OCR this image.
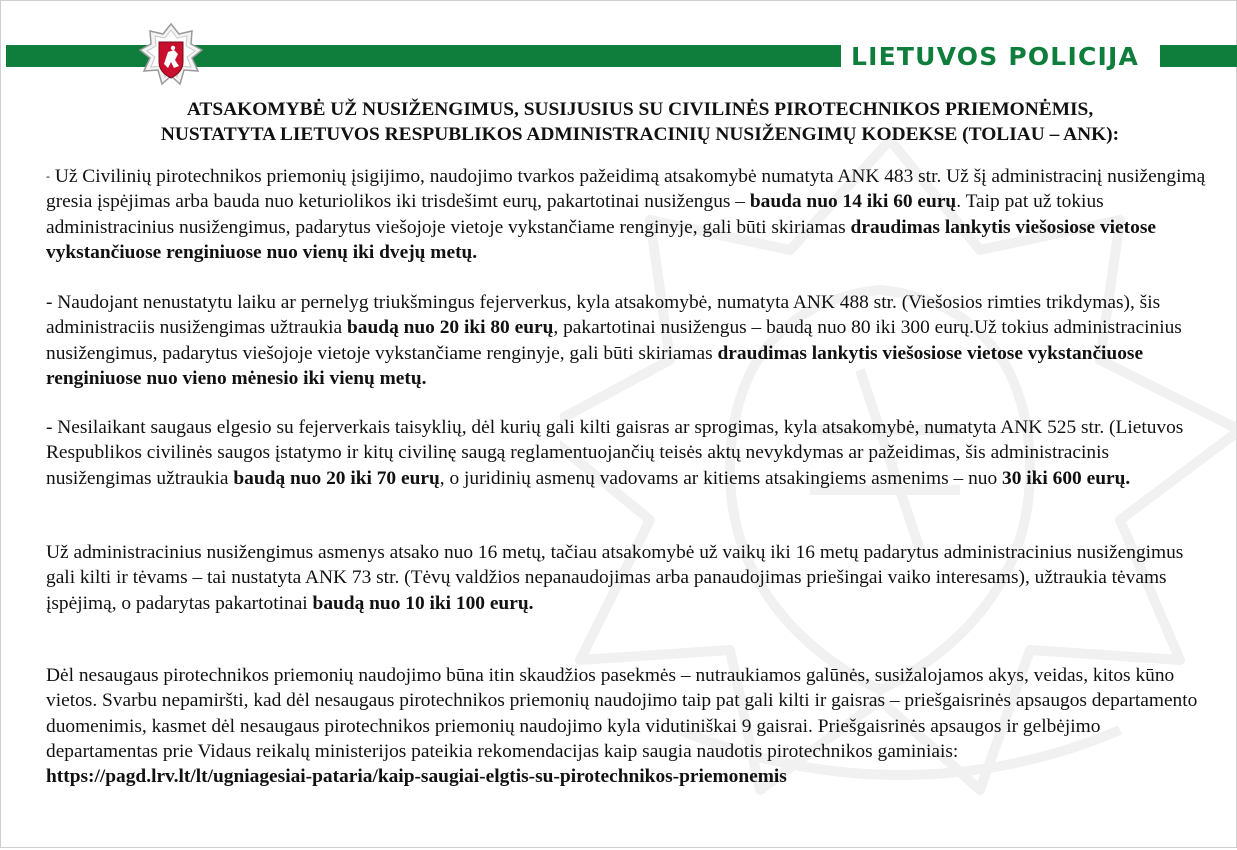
LIETUVOS POLICIJA
ATSAKOMYBĖ UŽ NUSIŽENGIMUS, SUSIJUSIUS SU CIVILINĖS PIROTECHNIKOS PRIEMONĖMIS,
NUSTATYTA LIETUVOS RESPUBLIKOS ADMINISTRACINIŲ NUSIŽENGIMŲ KODEKSE (TOLIAU – ANK):

- Už Civilinių pirotechnikos priemonių įsigijimo, naudojimo tvarkos pažeidimą atsakomybė numatyta ANK 483 str. Už šį administracinį nusižengimą gresia įspėjimas arba bauda nuo keturiolikos iki trisdešimt eurų, pakartotinai nusižengus – bauda nuo 14 iki 60 eurų. Taip pat už tokius administracinius nusižengimus, padarytus viešojoje vietoje vykstančiame renginyje, gali būti skiriamas draudimas lankytis viešosiose vietose vykstančiuose renginiuose nuo vienų iki dvejų metų.

- Naudojant nenustatytu laiku ar pernelyg triukšmingus fejerverkus, kyla atsakomybė, numatyta ANK 488 str. (Viešosios rimties trikdymas), šis administraciis nusižengimas užtraukia baudą nuo 20 iki 80 eurų, pakartotinai nusižengus – baudą nuo 80 iki 300 eurų.Už tokius administracinius nusižengimus, padarytus viešojoje vietoje vykstančiame renginyje, gali būti skiriamas draudimas lankytis viešosiose vietose vykstančiuose renginiuose nuo vieno mėnesio iki vienų metų.

- Nesilaikant saugaus elgesio su fejerverkais taisyklių, dėl kurių gali kilti gaisras ar sprogimas, kyla atsakomybė, numatyta ANK 525 str. (Lietuvos Respublikos civilinės saugos įstatymo ir kitų civilinę saugą reglamentuojančių teisės aktų nevykdymas ar pažeidimas, šis administracinis nusižengimas užtraukia baudą nuo 20 iki 70 eurų, o juridinių asmenų vadovams ar kitiems atsakingiems asmenims – nuo 30 iki 600 eurų.

Už administracinius nusižengimus asmenys atsako nuo 16 metų, tačiau atsakomybė už vaikų iki 16 metų padarytus administracinius nusižengimus gali kilti ir tėvams – tai nustatyta ANK 73 str. (Tėvų valdžios nepanaudojimas arba panaudojimas priešingai vaiko interesams), užtraukia tėvams įspėjimą, o padarytas pakartotinai baudą nuo 10 iki 100 eurų.

Dėl nesaugaus pirotechnikos priemonių naudojimo būna itin skaudžios pasekmės – nutraukiamos galūnės, susižalojamos akys, veidas, kitos kūno vietos. Svarbu nepamiršti, kad dėl nesaugaus pirotechnikos priemonių naudojimo taip pat gali kilti ir gaisras – priešgaisrinės apsaugos departamento duomenimis, kasmet dėl nesaugaus pirotechnikos priemonių naudojimo kyla vidutiniškai 9 gaisrai. Priešgaisrinės apsaugos ir gelbėjimo departamentas prie Vidaus reikalų ministerijos pateikia rekomendacijas kaip saugia naudotis pirotechnikos gaminiais: https://pagd.lrv.lt/lt/ugniagesiai-pataria/kaip-saugiai-elgtis-su-pirotechnikos-priemonemis
